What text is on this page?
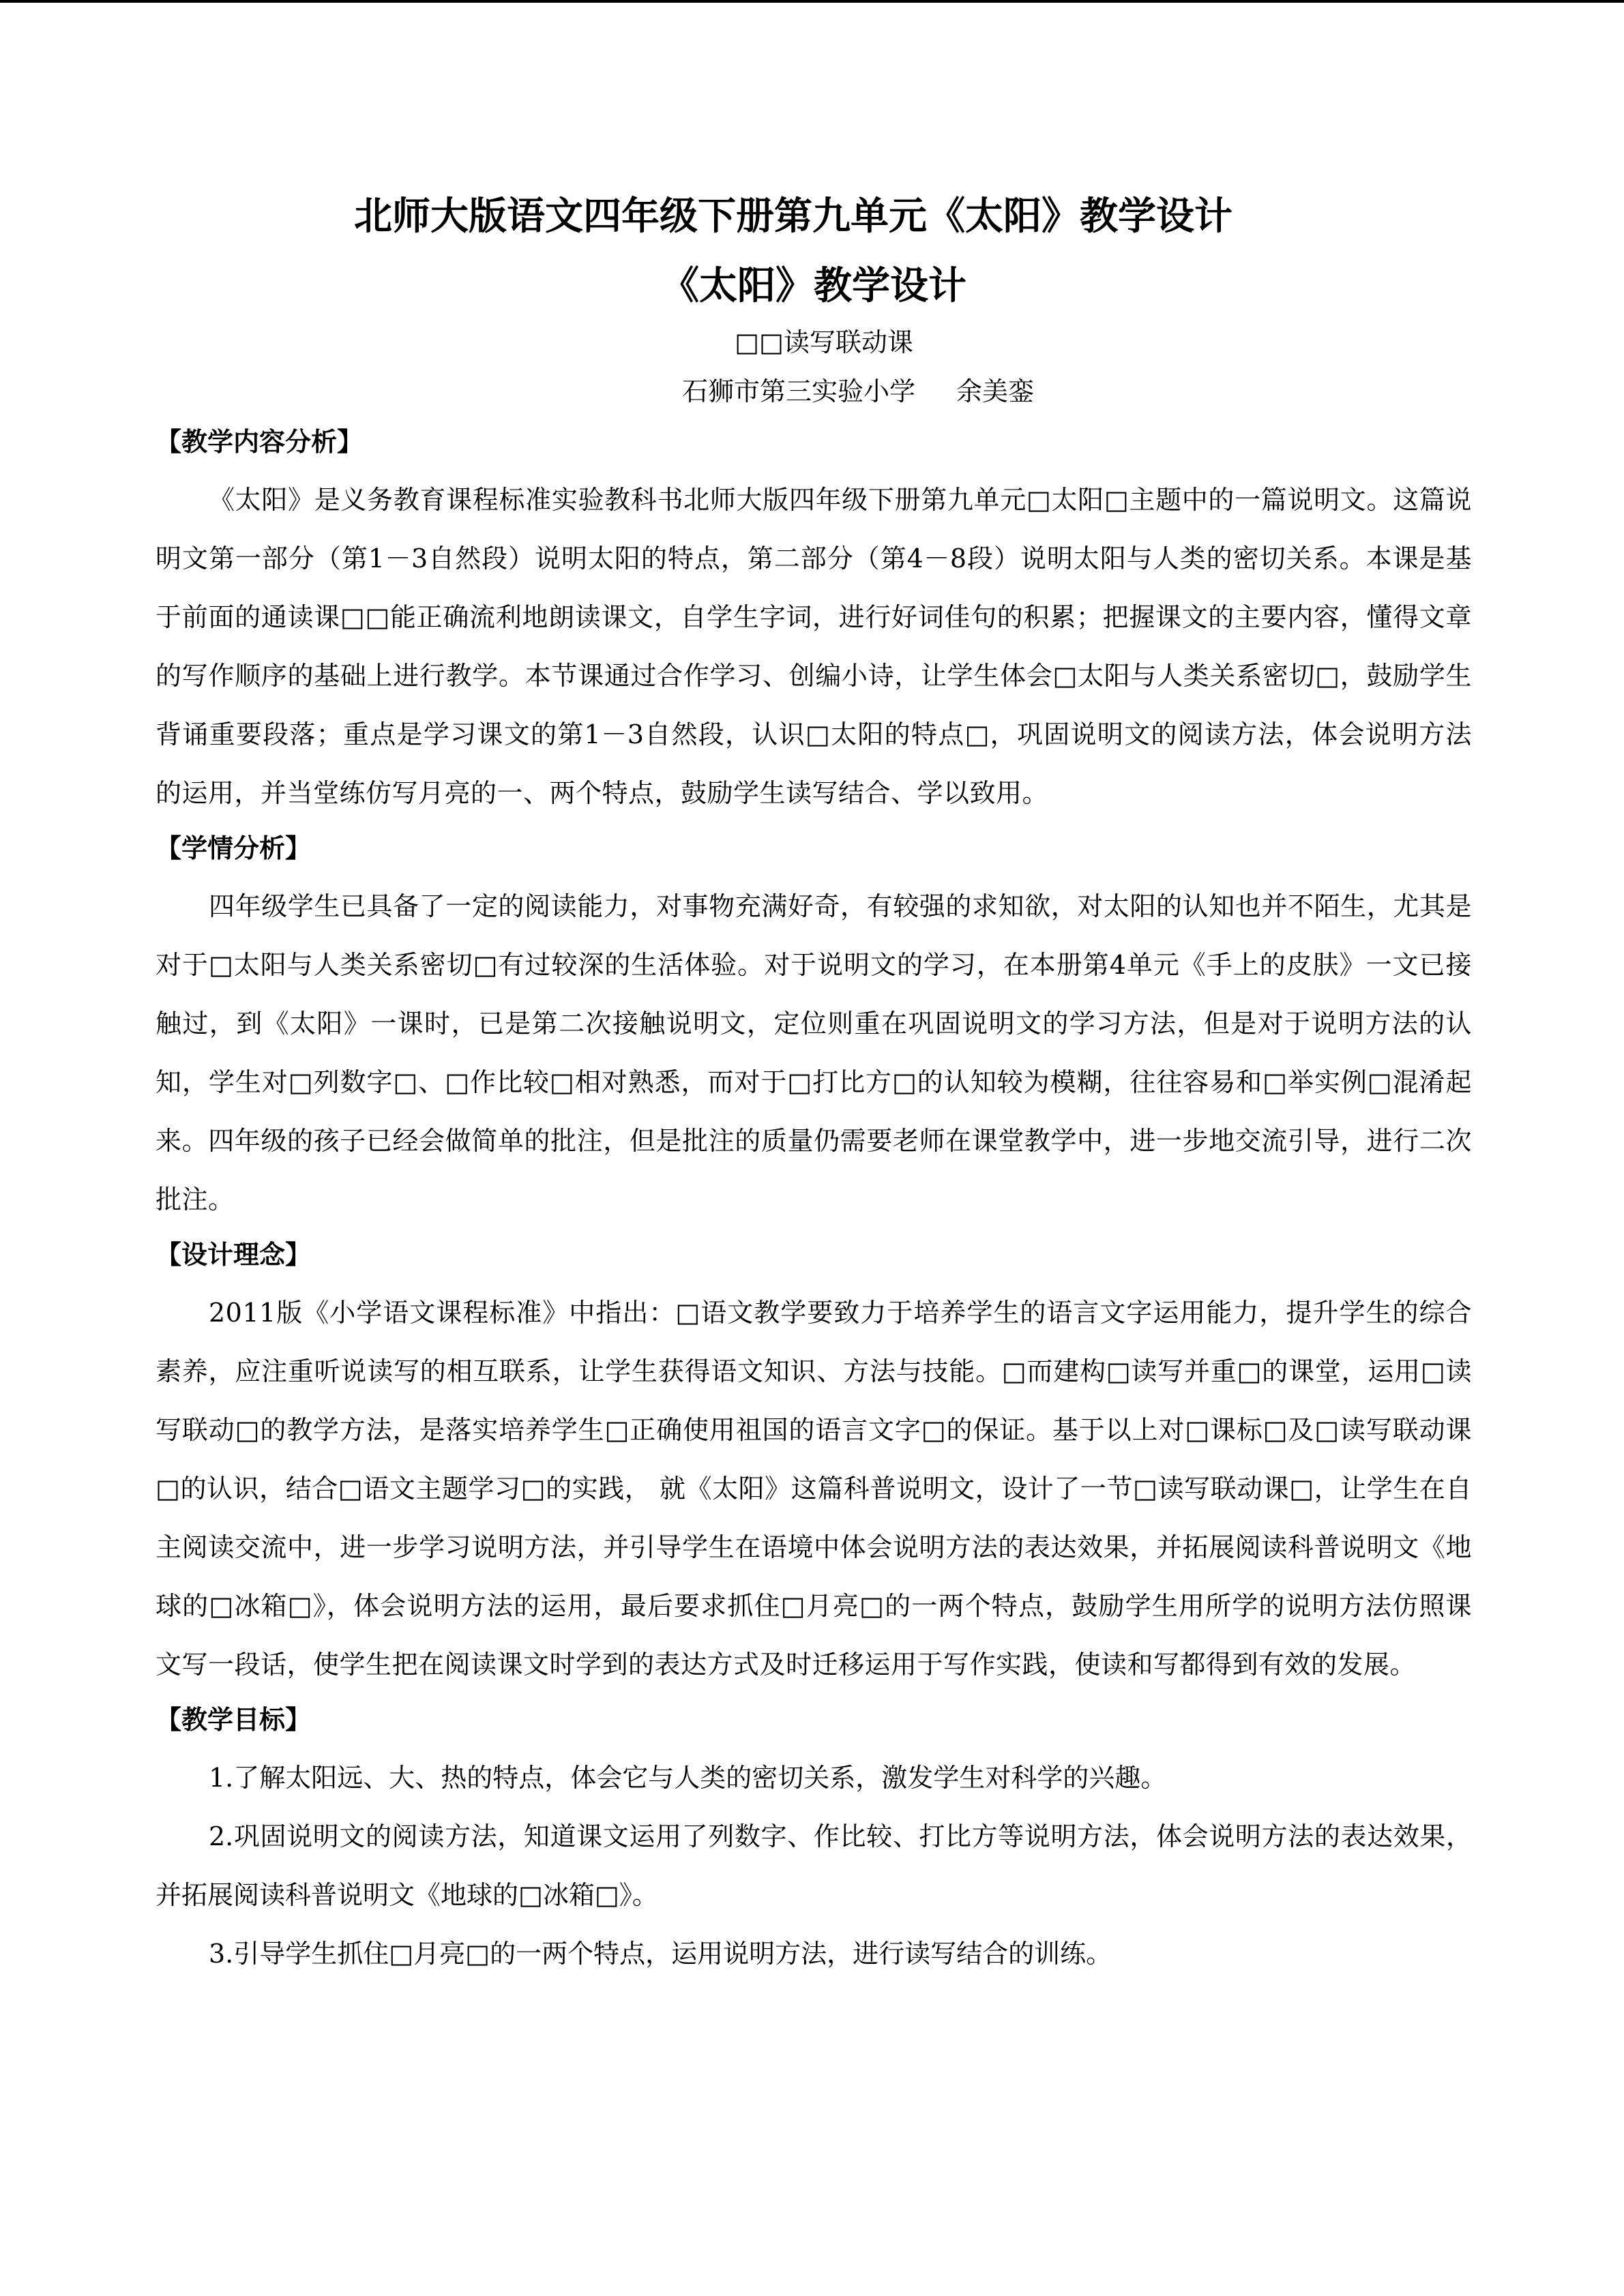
北师大版语文四年级下册第九单元《太阳》教学设计
《太阳》教学设计
□□读写联动课
石狮市第三实验小学 余美銮
【教学内容分析】

《太阳》是义务教育课程标准实验教科书北师大版四年级下册第九单元□太阳□主题中的一篇说明文。这篇说明文第一部分（第1－3自然段）说明太阳的特点，第二部分（第4－8段）说明太阳与人类的密切关系。本课是基于前面的通读课□□能正确流利地朗读课文，自学生字词，进行好词佳句的积累；把握课文的主要内容，懂得文章的写作顺序的基础上进行教学。本节课通过合作学习、创编小诗，让学生体会□太阳与人类关系密切□，鼓励学生背诵重要段落；重点是学习课文的第1－3自然段，认识□太阳的特点□，巩固说明文的阅读方法，体会说明方法的运用，并当堂练仿写月亮的一、两个特点，鼓励学生读写结合、学以致用。

【学情分析】

四年级学生已具备了一定的阅读能力，对事物充满好奇，有较强的求知欲，对太阳的认知也并不陌生，尤其是对于□太阳与人类关系密切□有过较深的生活体验。对于说明文的学习，在本册第4单元《手上的皮肤》一文已接触过，到《太阳》一课时，已是第二次接触说明文，定位则重在巩固说明文的学习方法，但是对于说明方法的认知，学生对□列数字□、□作比较□相对熟悉，而对于□打比方□的认知较为模糊，往往容易和□举实例□混淆起来。四年级的孩子已经会做简单的批注，但是批注的质量仍需要老师在课堂教学中，进一步地交流引导，进行二次批注。

【设计理念】

2011版《小学语文课程标准》中指出：□语文教学要致力于培养学生的语言文字运用能力，提升学生的综合素养，应注重听说读写的相互联系，让学生获得语文知识、方法与技能。□而建构□读写并重□的课堂，运用□读写联动□的教学方法，是落实培养学生□正确使用祖国的语言文字□的保证。基于以上对□课标□及□读写联动课□的认识，结合□语文主题学习□的实践， 就《太阳》这篇科普说明文，设计了一节□读写联动课□，让学生在自主阅读交流中，进一步学习说明方法，并引导学生在语境中体会说明方法的表达效果，并拓展阅读科普说明文《地球的□冰箱□》，体会说明方法的运用，最后要求抓住□月亮□的一两个特点，鼓励学生用所学的说明方法仿照课文写一段话，使学生把在阅读课文时学到的表达方式及时迁移运用于写作实践，使读和写都得到有效的发展。

【教学目标】

1.了解太阳远、大、热的特点，体会它与人类的密切关系，激发学生对科学的兴趣。

2.巩固说明文的阅读方法，知道课文运用了列数字、作比较、打比方等说明方法，体会说明方法的表达效果，并拓展阅读科普说明文《地球的□冰箱□》。

3.引导学生抓住□月亮□的一两个特点，运用说明方法，进行读写结合的训练。
